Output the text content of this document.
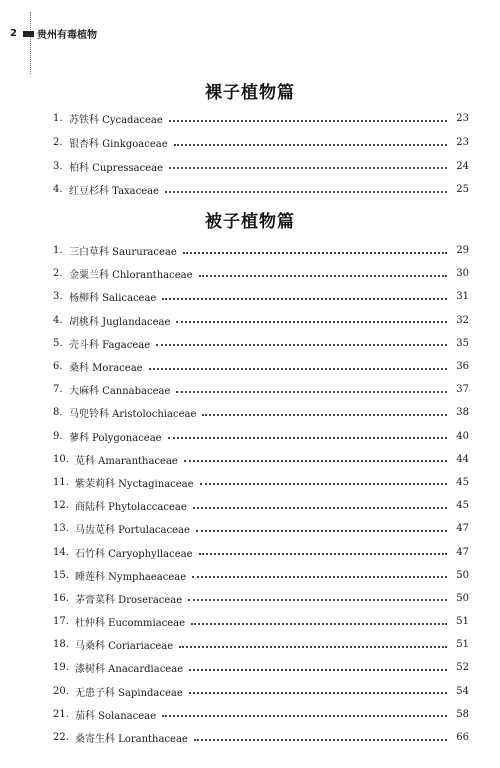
2 贵州有毒植物
裸子植物篇
1. 苏铁科 Cycadaceae	23
2. 银杏科 Ginkgoaceae	23
3. 柏科 Cupressaceae	24
4. 红豆杉科 Taxaceae	25
被子植物篇
1. 三白草科 Saururaceae	29
2. 金粟兰科 Chloranthaceae	30
3. 杨柳科 Salicaceae	31
4. 胡桃科 Juglandaceae	32
5. 壳斗科 Fagaceae	35
6. 桑科 Moraceae	36
7. 大麻科 Cannabaceae	37
8. 马兜铃科 Aristolochiaceae	38
9. 蓼科 Polygonaceae	40
10. 苋科 Amaranthaceae	44
11. 紫茉莉科 Nyctaginaceae	45
12. 商陆科 Phytolaccaceae	45
13. 马齿苋科 Portulacaceae	47
14. 石竹科 Caryophyllaceae	47
15. 睡莲科 Nymphaeaceae	50
16. 茅膏菜科 Droseraceae	50
17. 杜仲科 Eucommiaceae	51
18. 马桑科 Coriariaceae	51
19. 漆树科 Anacardiaceae	52
20. 无患子科 Sapindaceae	54
21. 茄科 Solanaceae	58
22. 桑寄生科 Loranthaceae	66
